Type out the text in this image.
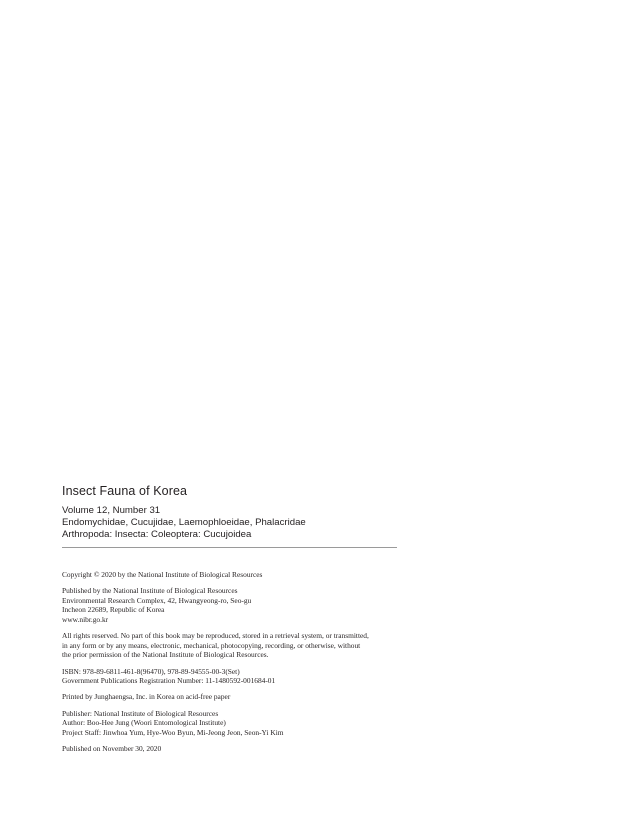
Insect Fauna of Korea
Volume 12, Number 31
Endomychidae, Cucujidae, Laemophloeidae, Phalacridae
Arthropoda: Insecta: Coleoptera: Cucujoidea
Copyright © 2020 by the National Institute of Biological Resources
Published by the National Institute of Biological Resources
Environmental Research Complex, 42, Hwangyeong-ro, Seo-gu
Incheon 22689, Republic of Korea
www.nibr.go.kr
All rights reserved. No part of this book may be reproduced, stored in a retrieval system, or transmitted,
in any form or by any means, electronic, mechanical, photocopying, recording, or otherwise, without
the prior permission of the National Institute of Biological Resources.
ISBN: 978-89-6811-461-8(96470), 978-89-94555-00-3(Set)
Government Publications Registration Number: 11-1480592-001684-01
Printed by Junghaengsa, Inc. in Korea on acid-free paper
Publisher: National Institute of Biological Resources
Author: Boo-Hee Jung (Woori Entomological Institute)
Project Staff: Jinwhoa Yum, Hye-Woo Byun, Mi-Jeong Jeon, Seon-Yi Kim
Published on November 30, 2020
